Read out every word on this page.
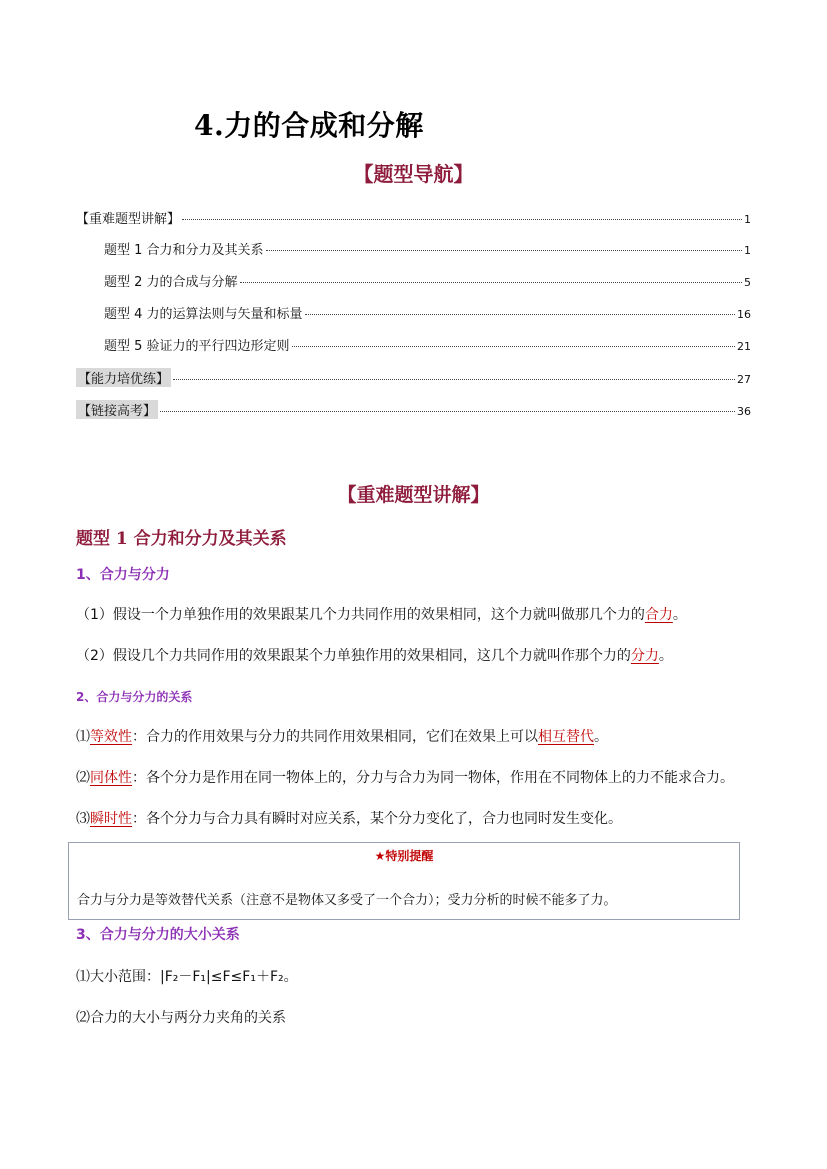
4.力的合成和分解
【题型导航】
【重难题型讲解】	1
题型 1 合力和分力及其关系	1
题型 2 力的合成与分解	5
题型 4 力的运算法则与矢量和标量	16
题型 5 验证力的平行四边形定则	21
【能力培优练】	27
【链接高考】	36
【重难题型讲解】
题型 1 合力和分力及其关系
1、合力与分力
（1）假设一个力单独作用的效果跟某几个力共同作用的效果相同，这个力就叫做那几个力的合力。
（2）假设几个力共同作用的效果跟某个力单独作用的效果相同，这几个力就叫作那个力的分力。
2、合力与分力的关系
⑴等效性：合力的作用效果与分力的共同作用效果相同，它们在效果上可以相互替代。
⑵同体性：各个分力是作用在同一物体上的，分力与合力为同一物体，作用在不同物体上的力不能求合力。
⑶瞬时性：各个分力与合力具有瞬时对应关系，某个分力变化了，合力也同时发生变化。
★特别提醒
合力与分力是等效替代关系（注意不是物体又多受了一个合力）；受力分析的时候不能多了力。
3、合力与分力的大小关系
⑴大小范围：|F₂－F₁|≤F≤F₁＋F₂。
⑵合力的大小与两分力夹角的关系
